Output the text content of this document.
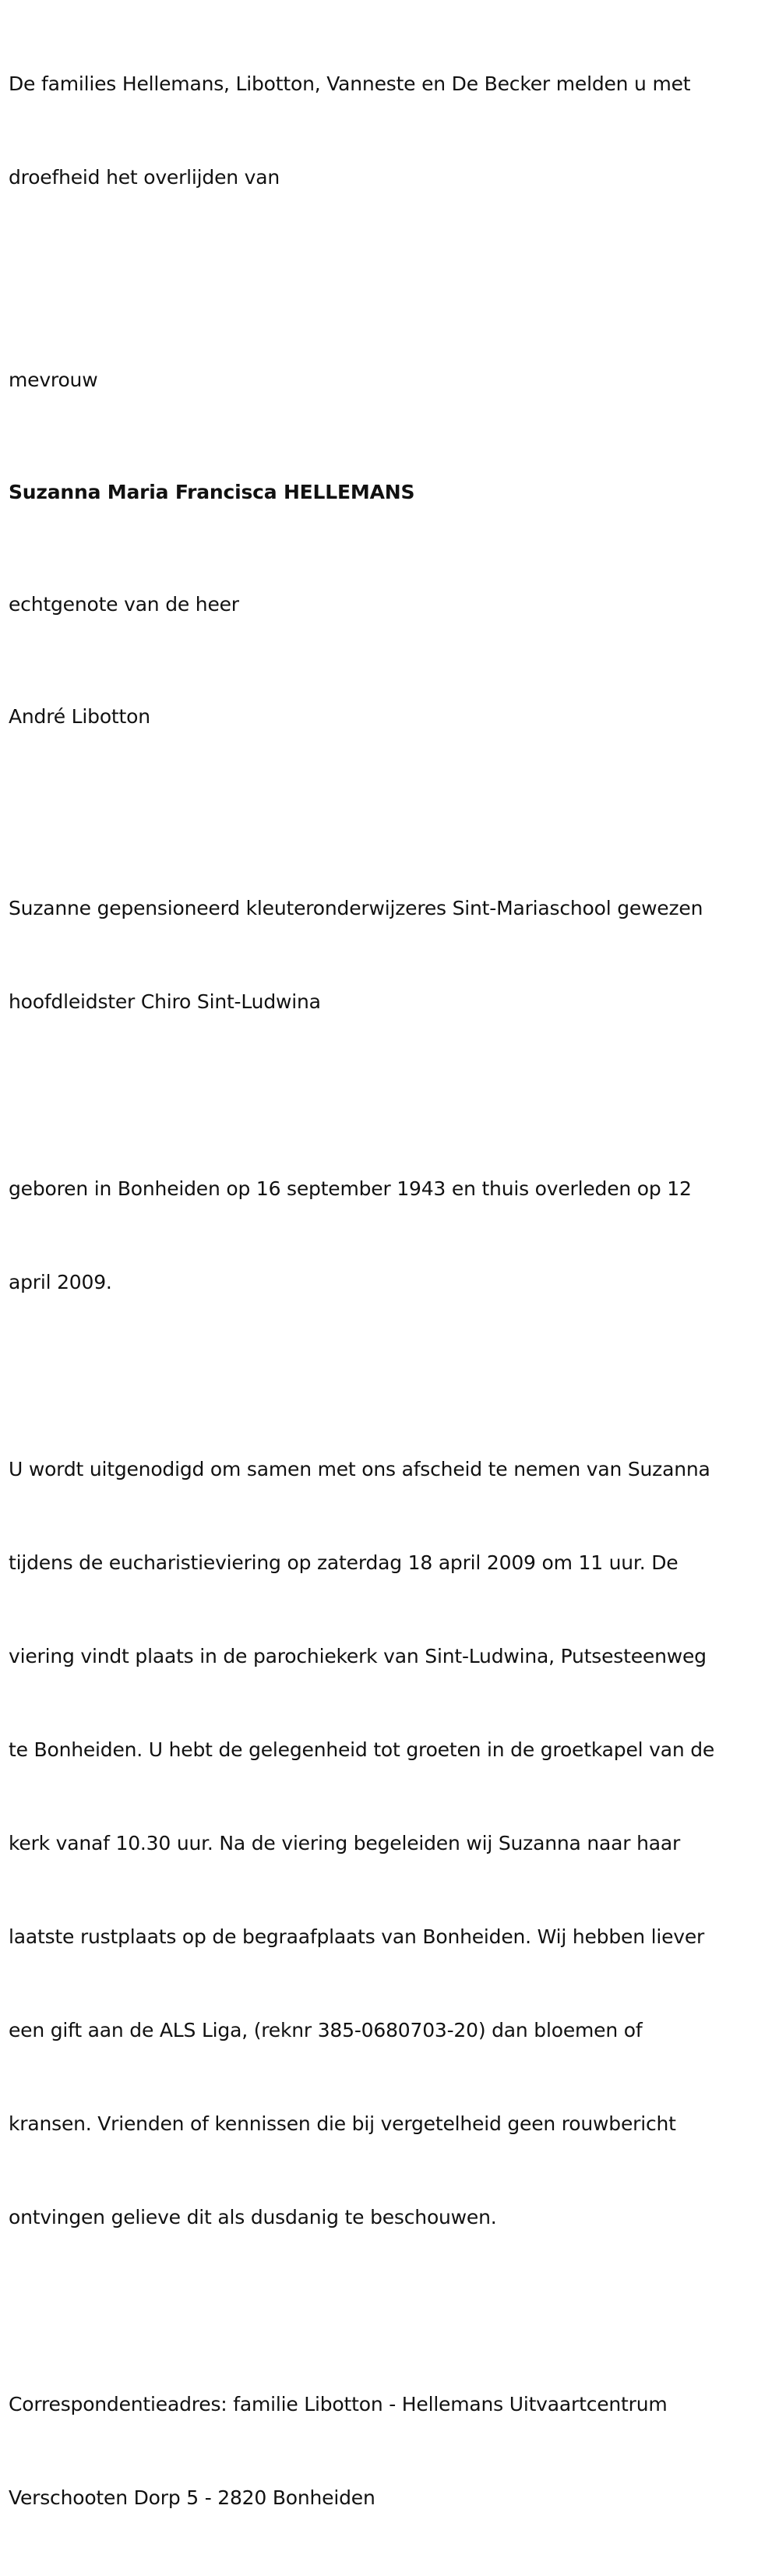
De families Hellemans, Libotton, Vanneste en De Becker melden u met

droefheid het overlijden van

mevrouw

Suzanna Maria Francisca HELLEMANS

echtgenote van de heer

André Libotton

Suzanne gepensioneerd kleuteronderwijzeres Sint-Mariaschool gewezen

hoofdleidster Chiro Sint-Ludwina

geboren in Bonheiden op 16 september 1943 en thuis overleden op 12

april 2009.

U wordt uitgenodigd om samen met ons afscheid te nemen van Suzanna

tijdens de eucharistieviering op zaterdag 18 april 2009 om 11 uur. De

viering vindt plaats in de parochiekerk van Sint-Ludwina, Putsesteenweg

te Bonheiden. U hebt de gelegenheid tot groeten in de groetkapel van de

kerk vanaf 10.30 uur. Na de viering begeleiden wij Suzanna naar haar

laatste rustplaats op de begraafplaats van Bonheiden. Wij hebben liever

een gift aan de ALS Liga, (reknr 385-0680703-20) dan bloemen of

kransen. Vrienden of kennissen die bij vergetelheid geen rouwbericht

ontvingen gelieve dit als dusdanig te beschouwen.

Correspondentieadres: familie Libotton - Hellemans Uitvaartcentrum

Verschooten Dorp 5 - 2820 Bonheiden
